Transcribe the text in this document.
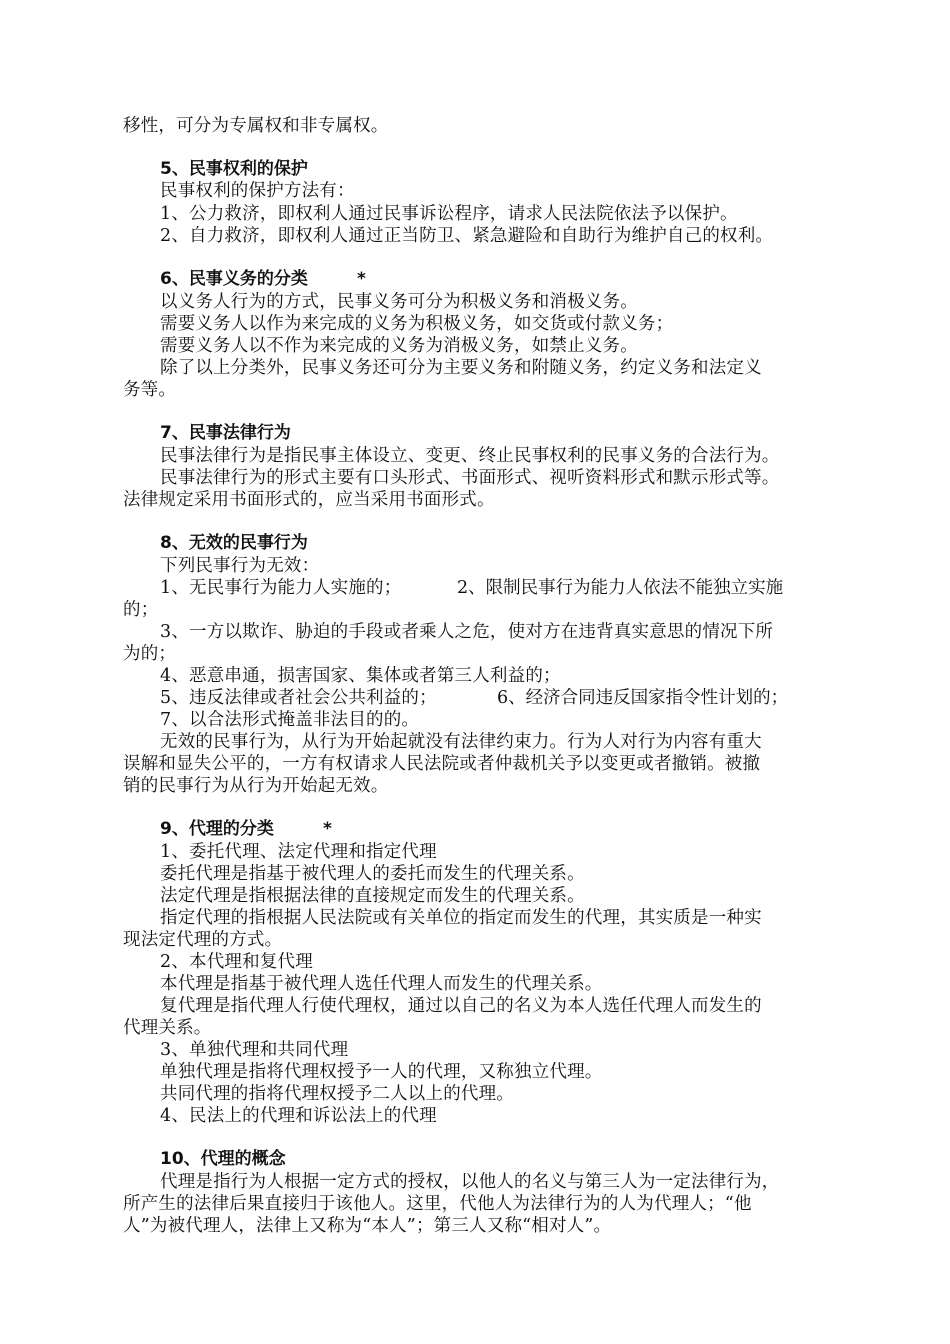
移性，可分为专属权和非专属权。
5、民事权利的保护
民事权利的保护方法有：
1、公力救济，即权利人通过民事诉讼程序，请求人民法院依法予以保护。
2、自力救济，即权利人通过正当防卫、紧急避险和自助行为维护自己的权利。
6、民事义务的分类	*
以义务人行为的方式，民事义务可分为积极义务和消极义务。
需要义务人以作为来完成的义务为积极义务，如交货或付款义务；
需要义务人以不作为来完成的义务为消极义务，如禁止义务。
除了以上分类外，民事义务还可分为主要义务和附随义务，约定义务和法定义
务等。
7、民事法律行为
民事法律行为是指民事主体设立、变更、终止民事权利的民事义务的合法行为。
民事法律行为的形式主要有口头形式、书面形式、视听资料形式和默示形式等。
法律规定采用书面形式的，应当采用书面形式。
8、无效的民事行为
下列民事行为无效：
1、无民事行为能力人实施的；	2、限制民事行为能力人依法不能独立实施
的；
3、一方以欺诈、胁迫的手段或者乘人之危，使对方在违背真实意思的情况下所
为的；
4、恶意串通，损害国家、集体或者第三人利益的；
5、违反法律或者社会公共利益的；	6、经济合同违反国家指令性计划的；
7、以合法形式掩盖非法目的的。
无效的民事行为，从行为开始起就没有法律约束力。行为人对行为内容有重大
误解和显失公平的，一方有权请求人民法院或者仲裁机关予以变更或者撤销。被撤
销的民事行为从行为开始起无效。
9、代理的分类	*
1、委托代理、法定代理和指定代理
委托代理是指基于被代理人的委托而发生的代理关系。
法定代理是指根据法律的直接规定而发生的代理关系。
指定代理的指根据人民法院或有关单位的指定而发生的代理，其实质是一种实
现法定代理的方式。
2、本代理和复代理
本代理是指基于被代理人选任代理人而发生的代理关系。
复代理是指代理人行使代理权，通过以自己的名义为本人选任代理人而发生的
代理关系。
3、单独代理和共同代理
单独代理是指将代理权授予一人的代理，又称独立代理。
共同代理的指将代理权授予二人以上的代理。
4、民法上的代理和诉讼法上的代理
10、代理的概念
代理是指行为人根据一定方式的授权，以他人的名义与第三人为一定法律行为，
所产生的法律后果直接归于该他人。这里，代他人为法律行为的人为代理人；“他
人”为被代理人，法律上又称为“本人”；第三人又称“相对人”。
